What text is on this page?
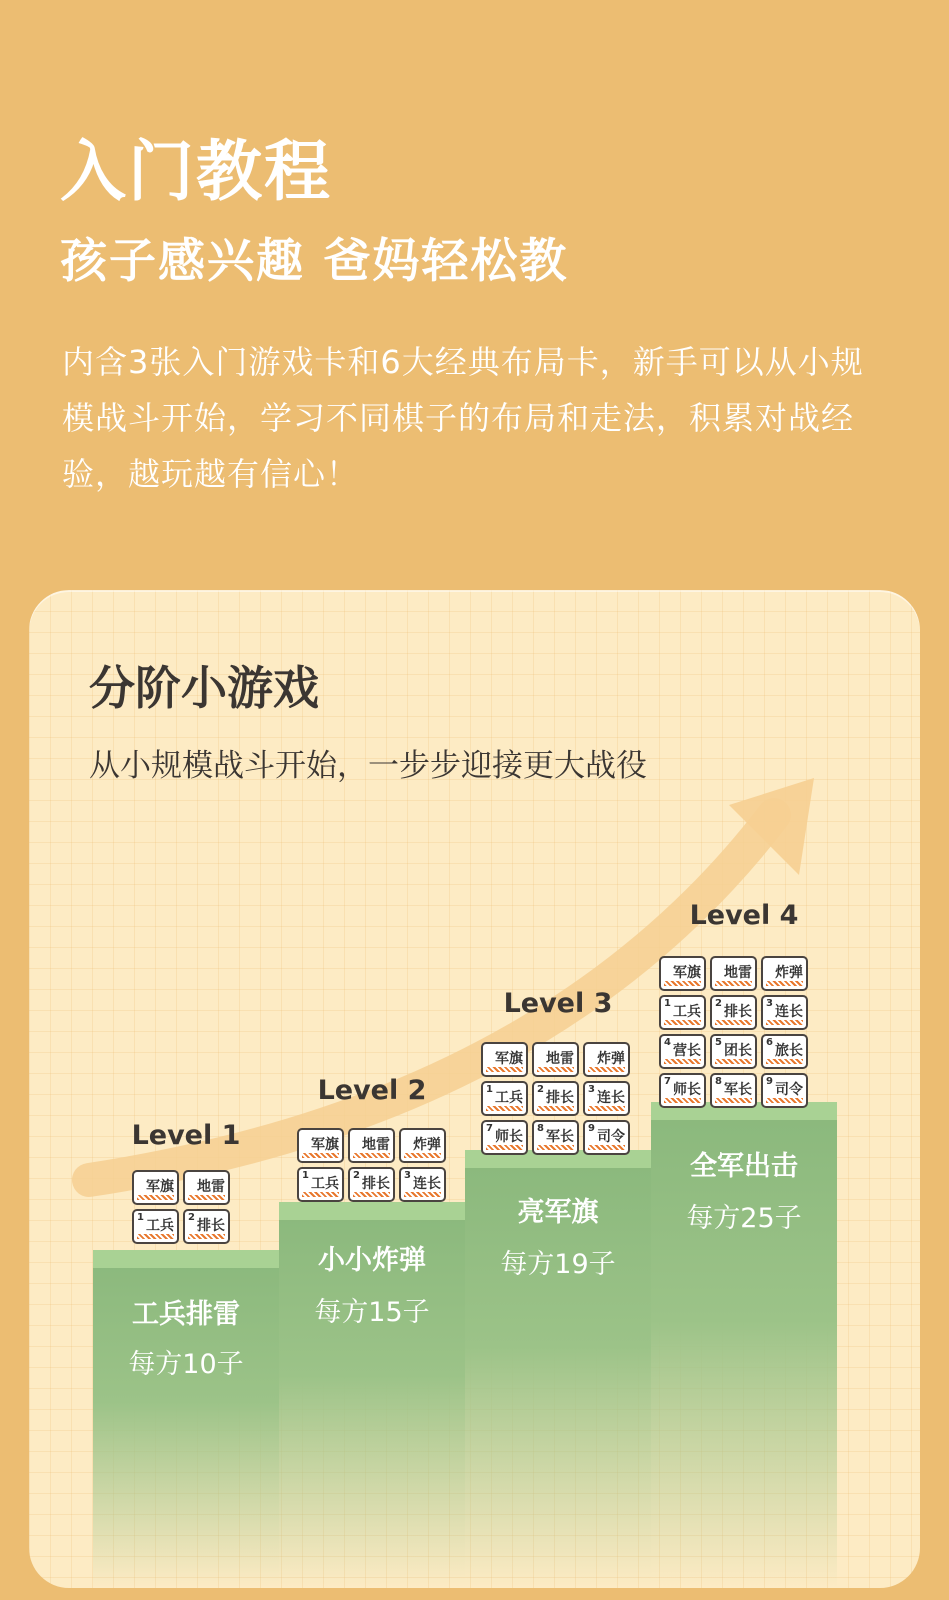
入门教程
孩子感兴趣 爸妈轻松教

内含3张入门游戏卡和6大经典布局卡，新手可以从小规模战斗开始，学习不同棋子的布局和走法，积累对战经验，越玩越有信心！

分阶小游戏

从小规模战斗开始，一步步迎接更大战役

工兵排雷
每方10子
Level 1
军旗 地雷
1
工兵
2
排长
小小炸弹
每方15子
Level 2
军旗 地雷 炸弹
1
工兵
2
排长
3
连长
亮军旗
每方19子
Level 3
军旗 地雷 炸弹
1
工兵
2
排长
3
连长
7
师长
8
军长
9
司令
全军出击
每方25子
Level 4
军旗 地雷 炸弹
1
工兵
2
排长
3
连长
4
营长
5
团长
6
旅长
7
师长
8
军长
9
司令
